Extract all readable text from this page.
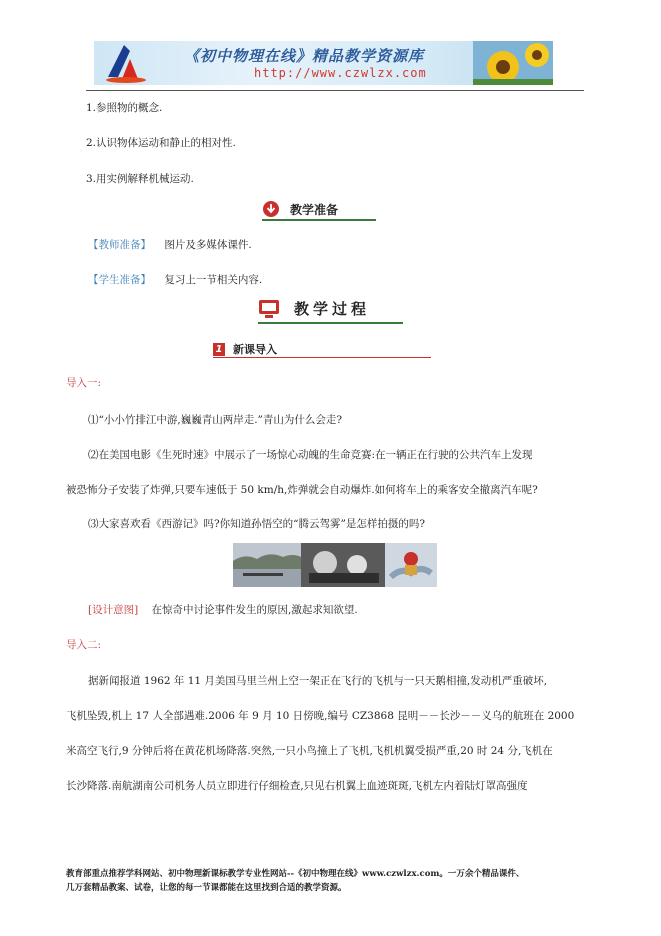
《初中物理在线》精品教学资源库
http://www.czwlzx.com
1.参照物的概念.
2.认识物体运动和静止的相对性.
3.用实例解释机械运动.
教学准备
【教师准备】 图片及多媒体课件.
【学生准备】 复习上一节相关内容.
教学过程
1 新课导入
导入一:
⑴“小小竹排江中游,巍巍青山两岸走.”青山为什么会走?
⑵在美国电影《生死时速》中展示了一场惊心动魄的生命竞赛:在一辆正在行驶的公共汽车上发现
被恐怖分子安装了炸弹,只要车速低于 50 km/h,炸弹就会自动爆炸.如何将车上的乘客安全撤离汽车呢?
⑶大家喜欢看《西游记》吗?你知道孙悟空的“腾云驾雾”是怎样拍摄的吗?
[设计意图] 在惊奇中讨论事件发生的原因,激起求知欲望.
导入二:
据新闻报道 1962 年 11 月美国马里兰州上空一架正在飞行的飞机与一只天鹅相撞,发动机严重破坏,
飞机坠毁,机上 17 人全部遇难.2006 年 9 月 10 日傍晚,编号 CZ3868 昆明－－长沙－－义乌的航班在 2000
米高空飞行,9 分钟后将在黄花机场降落.突然,一只小鸟撞上了飞机,飞机机翼受损严重,20 时 24 分,飞机在
长沙降落.南航湖南公司机务人员立即进行仔细检查,只见右机翼上血迹斑斑,飞机左内着陆灯罩高强度
教育部重点推荐学科网站、初中物理新课标教学专业性网站--《初中物理在线》www.czwlzx.com。一万余个精品课件、
几万套精品教案、试卷，让您的每一节课都能在这里找到合适的教学资源。
